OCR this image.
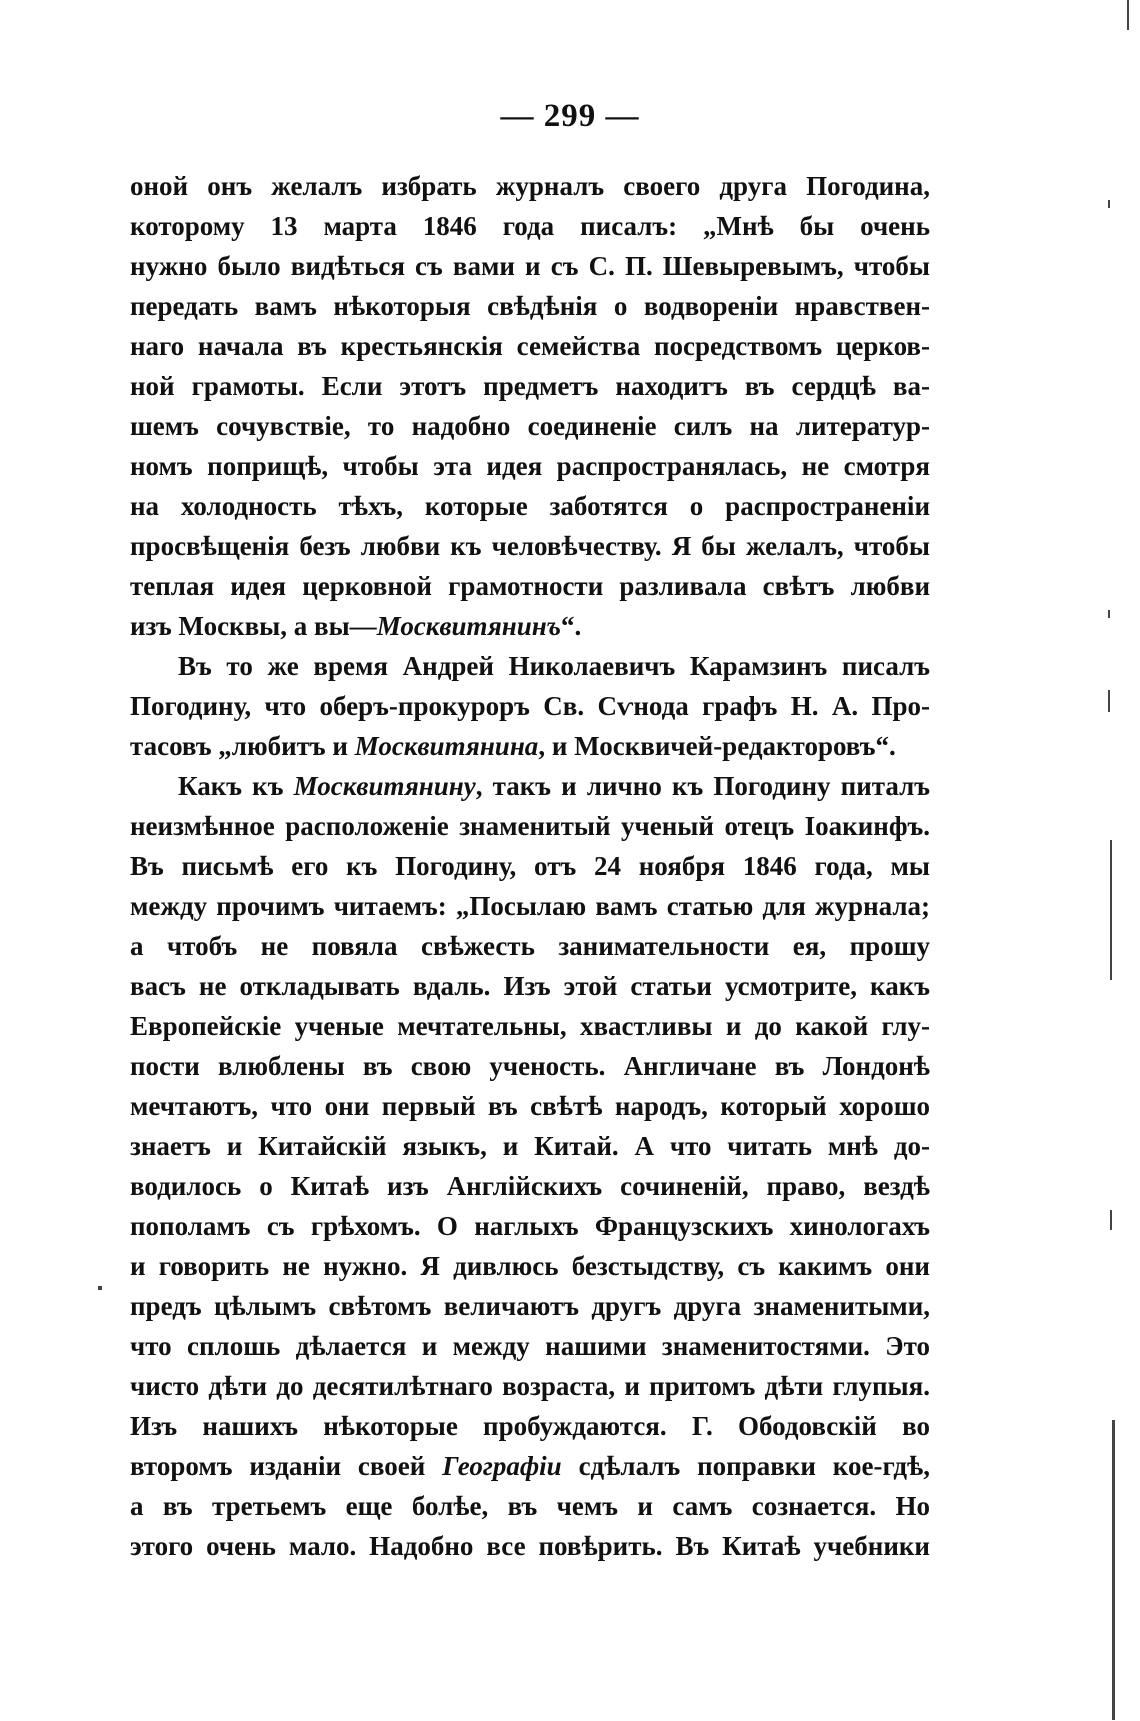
— 299 —
оной онъ желалъ избрать журналъ своего друга Погодина,
которому 13 марта 1846 года писалъ: „Мнѣ бы очень
нужно было видѣться съ вами и съ С. П. Шевыревымъ, чтобы
передать вамъ нѣкоторыя свѣдѣнія о водвореніи нравствен-
наго начала въ крестьянскія семейства посредствомъ церков-
ной грамоты. Если этотъ предметъ находитъ въ сердцѣ ва-
шемъ сочувствіе, то надобно соединеніе силъ на литератур-
номъ поприщѣ, чтобы эта идея распространялась, не смотря
на холодность тѣхъ, которые заботятся о распространеніи
просвѣщенія безъ любви къ человѣчеству. Я бы желалъ, чтобы
теплая идея церковной грамотности разливала свѣтъ любви
изъ Москвы, а вы—Москвитянинъ“.
Въ то же время Андрей Николаевичъ Карамзинъ писалъ
Погодину, что оберъ-прокурoръ Св. Сѵнода графъ Н. А. Про-
тасовъ „любитъ и Москвитянина, и Москвичей-редакторовъ“.
Какъ къ Москвитянину, такъ и лично къ Погодину питалъ
неизмѣнное расположеніе знаменитый ученый отецъ Іоакинфъ.
Въ письмѣ его къ Погодину, отъ 24 ноября 1846 года, мы
между прочимъ читаемъ: „Посылаю вамъ статью для журнала;
а чтобъ не повяла свѣжесть занимательности ея, прошу
васъ не откладывать вдаль. Изъ этой статьи усмотрите, какъ
Европейскіе ученые мечтательны, хвастливы и до какой глу-
пости влюблены въ свою ученость. Англичане въ Лондонѣ
мечтаютъ, что они первый въ свѣтѣ народъ, который хорошо
знаетъ и Китайскій языкъ, и Китай. А что читать мнѣ до-
водилось о Китаѣ изъ Англійскихъ сочиненій, право, вездѣ
пополамъ съ грѣхомъ. О наглыхъ Французскихъ хинологахъ
и говорить не нужно. Я дивлюсь безстыдству, съ какимъ они
предъ цѣлымъ свѣтомъ величаютъ другъ друга знаменитыми,
что сплошь дѣлается и между нашими знаменитостями. Это
чисто дѣти до десятилѣтнаго возраста, и притомъ дѣти глупыя.
Изъ нашихъ нѣкоторые пробуждаются. Г. Ободовскій во
второмъ изданіи своей Географіи сдѣлалъ поправки кое-гдѣ,
а въ третьемъ еще болѣе, въ чемъ и самъ сознается. Но
этого очень мало. Надобно все повѣрить. Въ Китаѣ учебники
